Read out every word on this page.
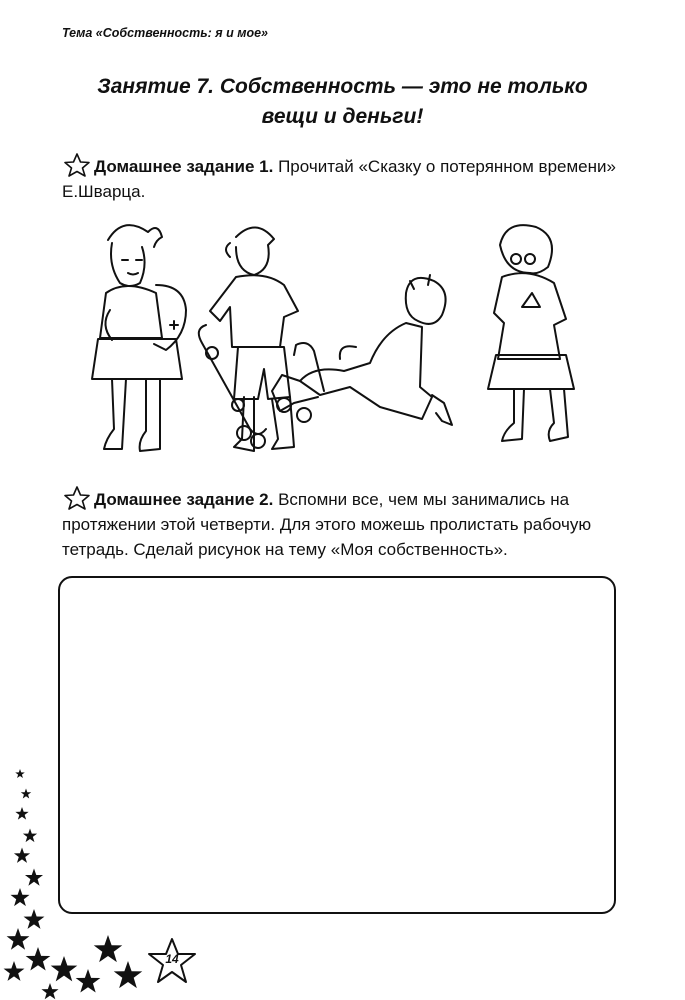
Тема «Собственность: я и мое»
Занятие 7. Собственность — это не только
вещи и деньги!
Домашнее задание 1. Прочитай «Сказку о потерянном времени» Е.Шварца.
Домашнее задание 2. Вспомни все, чем мы занимались на протяжении этой четверти. Для этого можешь пролистать рабочую тетрадь. Сделай рисунок на тему «Моя собственность».
14
